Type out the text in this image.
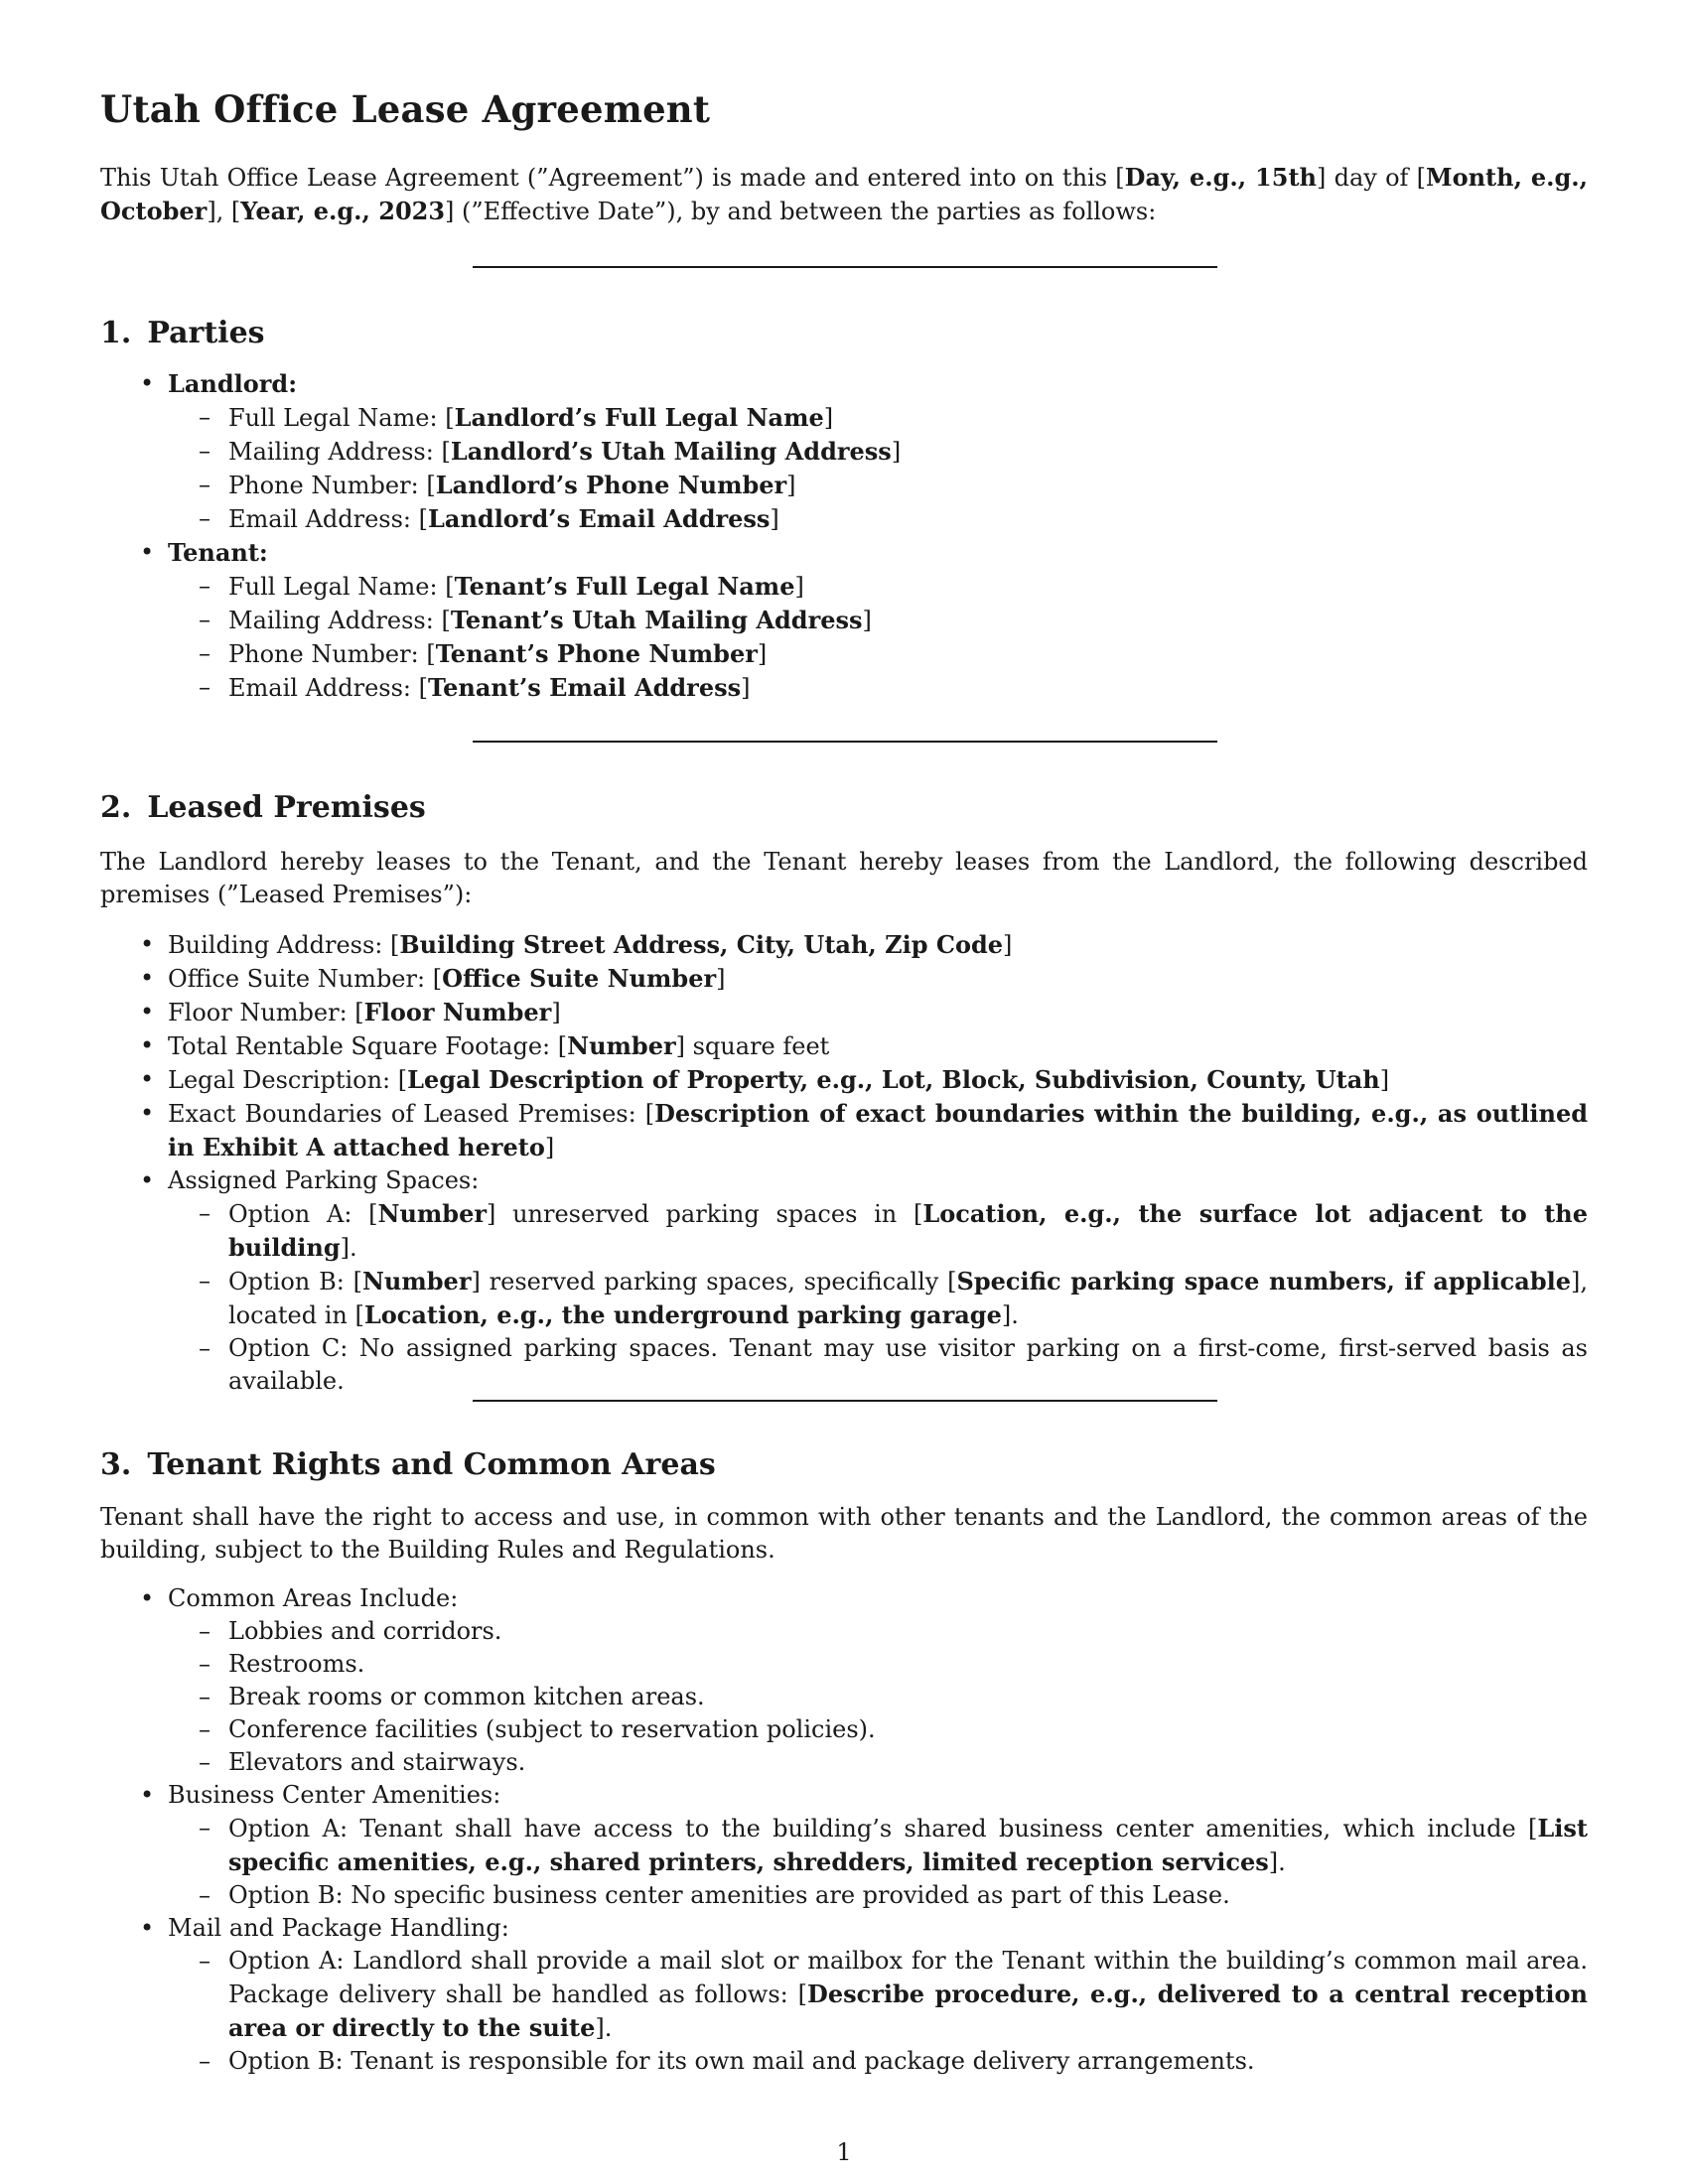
Utah Office Lease Agreement

This Utah Office Lease Agreement (”Agreement”) is made and entered into on this [Day, e.g., 15th] day of [Month, e.g., October], [Year, e.g., 2023] (”Effective Date”), by and between the parties as follows:

1. Parties
• Landlord:
– Full Legal Name: [Landlord’s Full Legal Name]
– Mailing Address: [Landlord’s Utah Mailing Address]
– Phone Number: [Landlord’s Phone Number]
– Email Address: [Landlord’s Email Address]
• Tenant:
– Full Legal Name: [Tenant’s Full Legal Name]
– Mailing Address: [Tenant’s Utah Mailing Address]
– Phone Number: [Tenant’s Phone Number]
– Email Address: [Tenant’s Email Address]
2. Leased Premises

The Landlord hereby leases to the Tenant, and the Tenant hereby leases from the Landlord, the following described premises (”Leased Premises”):

• Building Address: [Building Street Address, City, Utah, Zip Code]
• Office Suite Number: [Office Suite Number]
• Floor Number: [Floor Number]
• Total Rentable Square Footage: [Number] square feet
• Legal Description: [Legal Description of Property, e.g., Lot, Block, Subdivision, County, Utah]
• Exact Boundaries of Leased Premises: [Description of exact boundaries within the building, e.g., as outlined in Exhibit A attached hereto]
• Assigned Parking Spaces:
– Option A: [Number] unreserved parking spaces in [Location, e.g., the surface lot adjacent to the building].
– Option B: [Number] reserved parking spaces, specifically [Specific parking space numbers, if applicable], located in [Location, e.g., the underground parking garage].
– Option C: No assigned parking spaces. Tenant may use visitor parking on a first-come, first-served basis as available.
3. Tenant Rights and Common Areas

Tenant shall have the right to access and use, in common with other tenants and the Landlord, the common areas of the building, subject to the Building Rules and Regulations.

• Common Areas Include:
– Lobbies and corridors.
– Restrooms.
– Break rooms or common kitchen areas.
– Conference facilities (subject to reservation policies).
– Elevators and stairways.
• Business Center Amenities:
– Option A: Tenant shall have access to the building’s shared business center amenities, which include [List specific amenities, e.g., shared printers, shredders, limited reception services].
– Option B: No specific business center amenities are provided as part of this Lease.
• Mail and Package Handling:
– Option A: Landlord shall provide a mail slot or mailbox for the Tenant within the building’s common mail area. Package delivery shall be handled as follows: [Describe procedure, e.g., delivered to a central reception area or directly to the suite].
– Option B: Tenant is responsible for its own mail and package delivery arrangements.
1
